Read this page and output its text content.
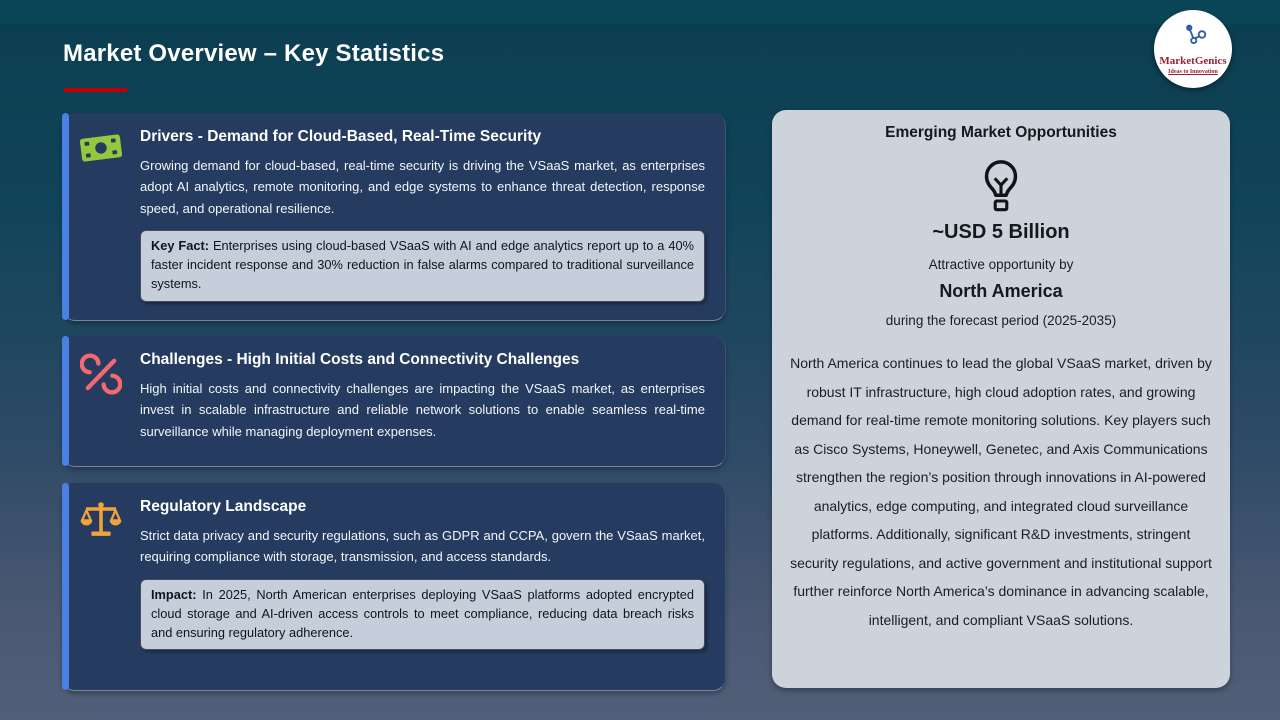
Market Overview – Key Statistics	MarketGenics
Ideas to Innovation
Drivers - Demand for Cloud-Based, Real-Time Security

Growing demand for cloud-based, real-time security is driving the VSaaS market, as enterprises adopt AI analytics, remote monitoring, and edge systems to enhance threat detection, response speed, and operational resilience.

Key Fact: Enterprises using cloud-based VSaaS with AI and edge analytics report up to a 40% faster incident response and 30% reduction in false alarms compared to traditional surveillance systems.
Challenges - High Initial Costs and Connectivity Challenges

High initial costs and connectivity challenges are impacting the VSaaS market, as enterprises invest in scalable infrastructure and reliable network solutions to enable seamless real-time surveillance while managing deployment expenses.

Regulatory Landscape

Strict data privacy and security regulations, such as GDPR and CCPA, govern the VSaaS market, requiring compliance with storage, transmission, and access standards.

Impact: In 2025, North American enterprises deploying VSaaS platforms adopted encrypted cloud storage and AI-driven access controls to meet compliance, reducing data breach risks and ensuring regulatory adherence.
Emerging Market Opportunities
~USD 5 Billion
Attractive opportunity by
North America
during the forecast period (2025-2035)

North America continues to lead the global VSaaS market, driven by robust IT infrastructure, high cloud adoption rates, and growing demand for real-time remote monitoring solutions. Key players such as Cisco Systems, Honeywell, Genetec, and Axis Communications strengthen the region’s position through innovations in AI-powered analytics, edge computing, and integrated cloud surveillance platforms. Additionally, significant R&D investments, stringent security regulations, and active government and institutional support further reinforce North America’s dominance in advancing scalable, intelligent, and compliant VSaaS solutions.
